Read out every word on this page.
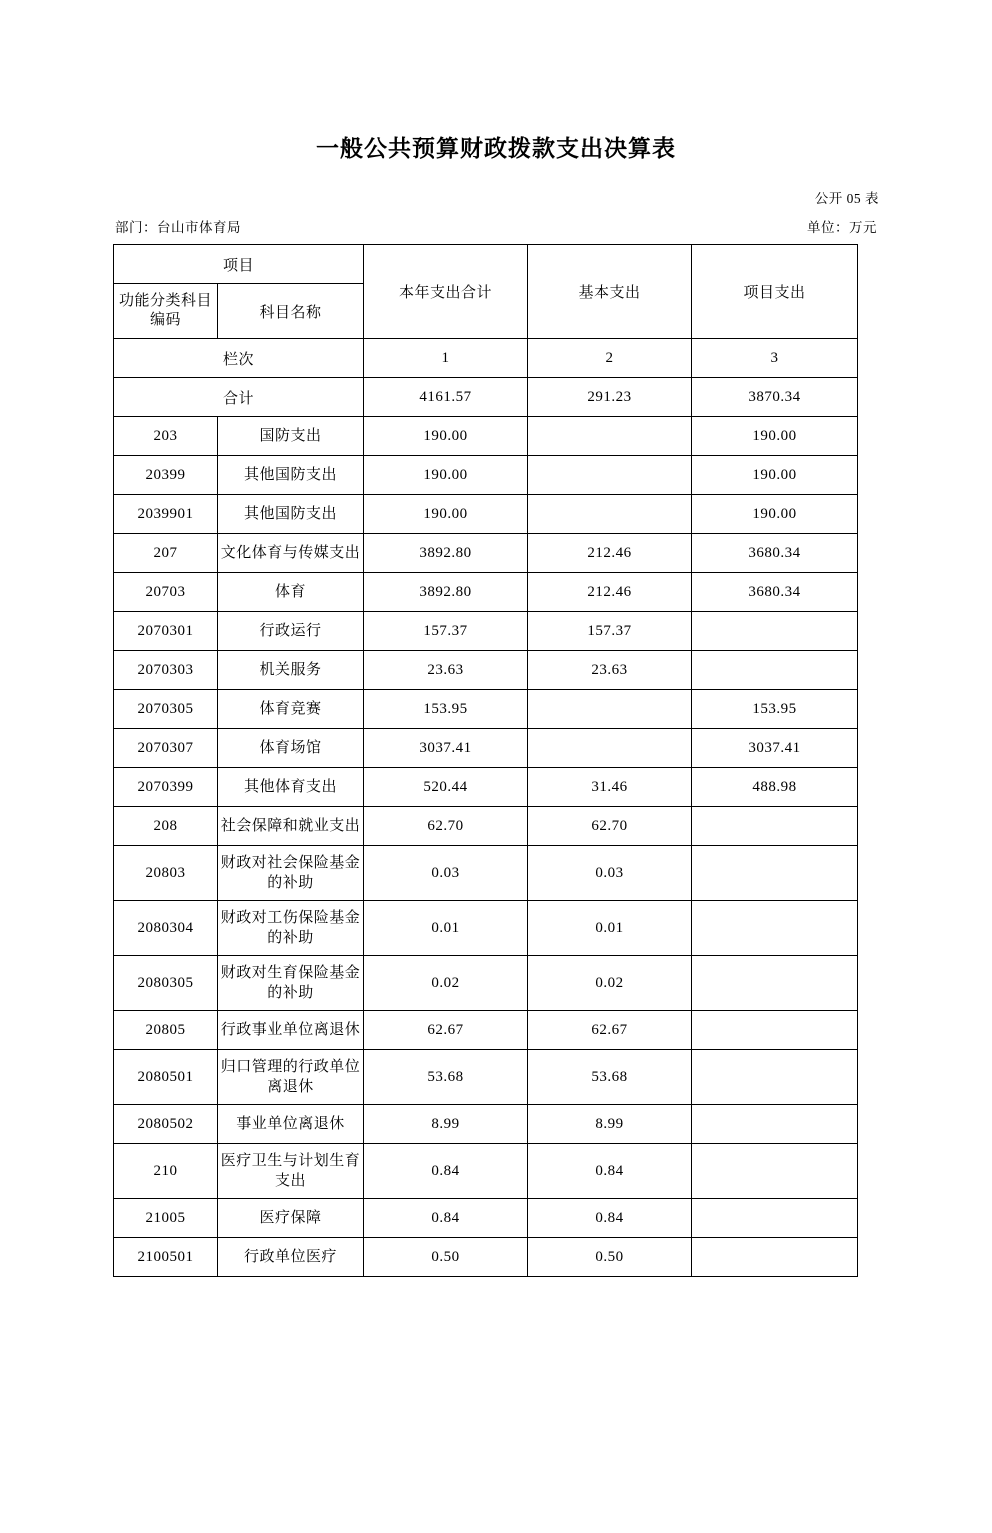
一般公共预算财政拨款支出决算表
公开 05 表
部门：台山市体育局	单位：万元
项目		本年支出合计	基本支出	项目支出
功能分类科目编码	科目名称			
栏次		1	2	3
合计		4161.57	291.23	3870.34
203	国防支出	190.00		190.00
20399	其他国防支出	190.00		190.00
2039901	其他国防支出	190.00		190.00
207	文化体育与传媒支出	3892.80	212.46	3680.34
20703	体育	3892.80	212.46	3680.34
2070301	行政运行	157.37	157.37	
2070303	机关服务	23.63	23.63	
2070305	体育竞赛	153.95		153.95
2070307	体育场馆	3037.41		3037.41
2070399	其他体育支出	520.44	31.46	488.98
208	社会保障和就业支出	62.70	62.70	
20803	财政对社会保险基金的补助	0.03	0.03	
2080304	财政对工伤保险基金的补助	0.01	0.01	
2080305	财政对生育保险基金的补助	0.02	0.02	
20805	行政事业单位离退休	62.67	62.67	
2080501	归口管理的行政单位离退休	53.68	53.68	
2080502	事业单位离退休	8.99	8.99	
210	医疗卫生与计划生育支出	0.84	0.84	
21005	医疗保障	0.84	0.84	
2100501	行政单位医疗	0.50	0.50	
